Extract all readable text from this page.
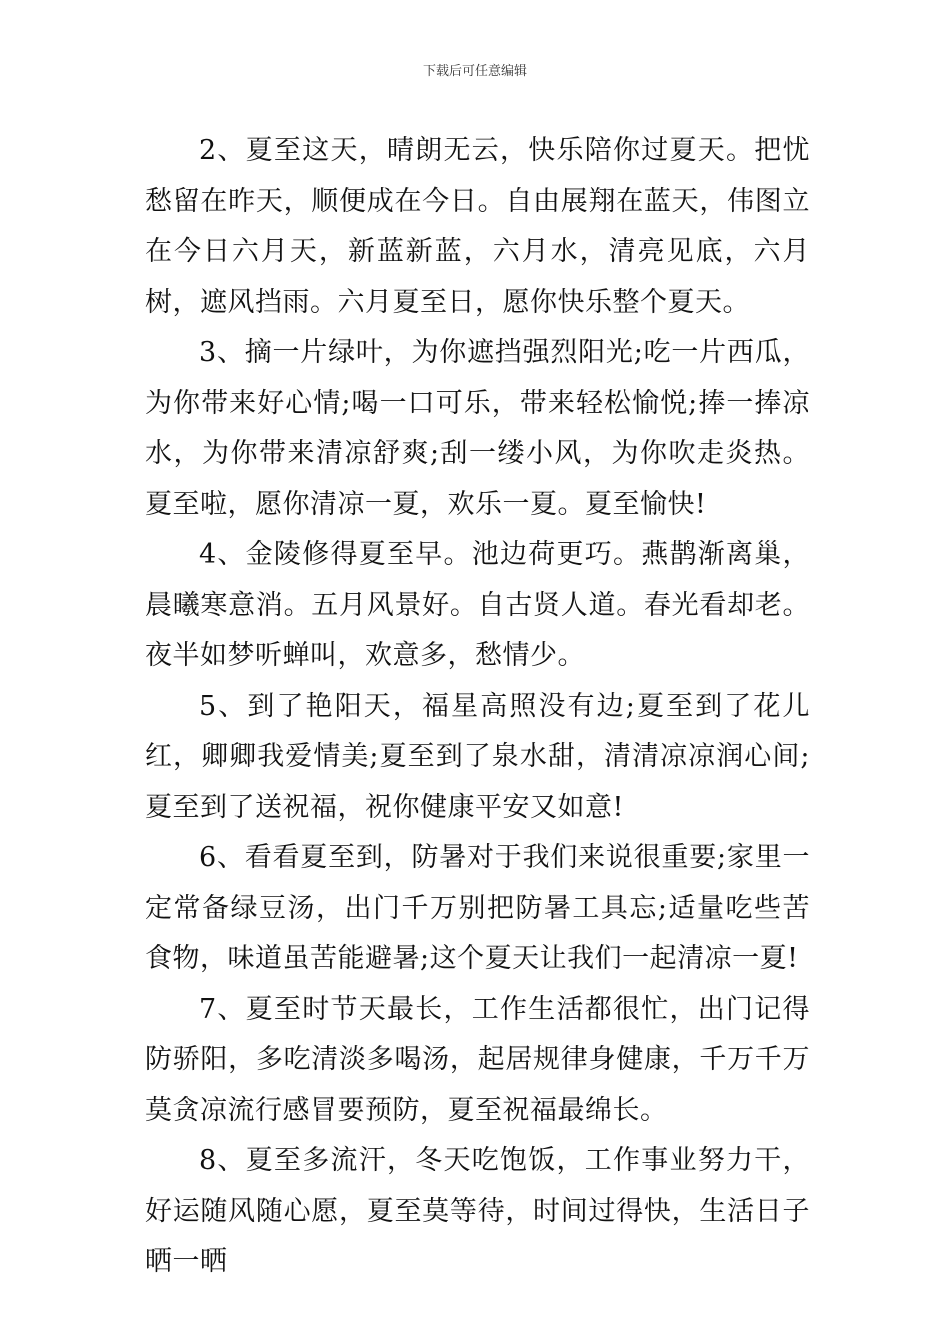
下载后可任意编辑

2、夏至这天，晴朗无云，快乐陪你过夏天。把忧愁留在昨天，顺便成在今日。自由展翔在蓝天，伟图立在今日六月天，新蓝新蓝，六月水，清亮见底，六月树，遮风挡雨。六月夏至日，愿你快乐整个夏天。

3、摘一片绿叶，为你遮挡强烈阳光;吃一片西瓜，为你带来好心情;喝一口可乐，带来轻松愉悦;捧一捧凉水，为你带来清凉舒爽;刮一缕小风，为你吹走炎热。夏至啦，愿你清凉一夏，欢乐一夏。夏至愉快!

4、金陵修得夏至早。池边荷更巧。燕鹊渐离巢，晨曦寒意消。五月风景好。自古贤人道。春光看却老。夜半如梦听蝉叫，欢意多，愁情少。

5、到了艳阳天，福星高照没有边;夏至到了花儿红，卿卿我爱情美;夏至到了泉水甜，清清凉凉润心间;夏至到了送祝福，祝你健康平安又如意!

6、看看夏至到，防暑对于我们来说很重要;家里一定常备绿豆汤，出门千万别把防暑工具忘;适量吃些苦食物，味道虽苦能避暑;这个夏天让我们一起清凉一夏!

7、夏至时节天最长，工作生活都很忙，出门记得防骄阳，多吃清淡多喝汤，起居规律身健康，千万千万莫贪凉流行感冒要预防，夏至祝福最绵长。

8、夏至多流汗，冬天吃饱饭，工作事业努力干，好运随风随心愿，夏至莫等待，时间过得快，生活日子晒一晒
